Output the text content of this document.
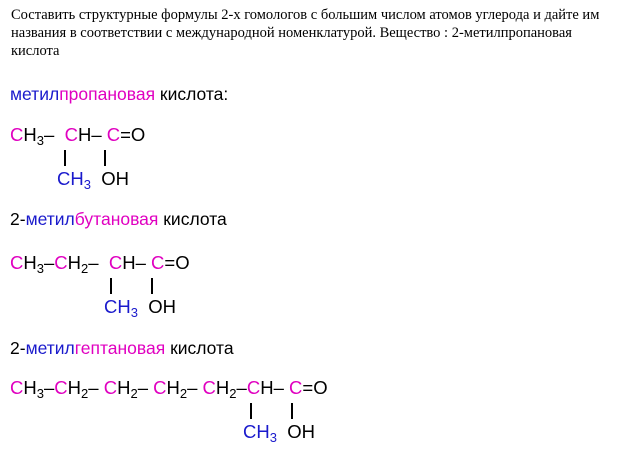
Составить структурные формулы 2-х гомологов с большим числом атомов углерода и дайте им названия в соответствии с международной номенклатурой. Вещество : 2-метилпропановая кислота
метилпропановая кислота:
$CH_3-$ CH– C=O
$CH_3$ OH
2-метилбутановая кислота
$CH_3-CH_2-$ CH– C=O
$CH_3$ OH
2-метилгептановая кислота
$CH_3-CH_2-$ $CH_2-$ $CH_2-$ $CH_2-CH-$ C=O
$CH_3$ OH
